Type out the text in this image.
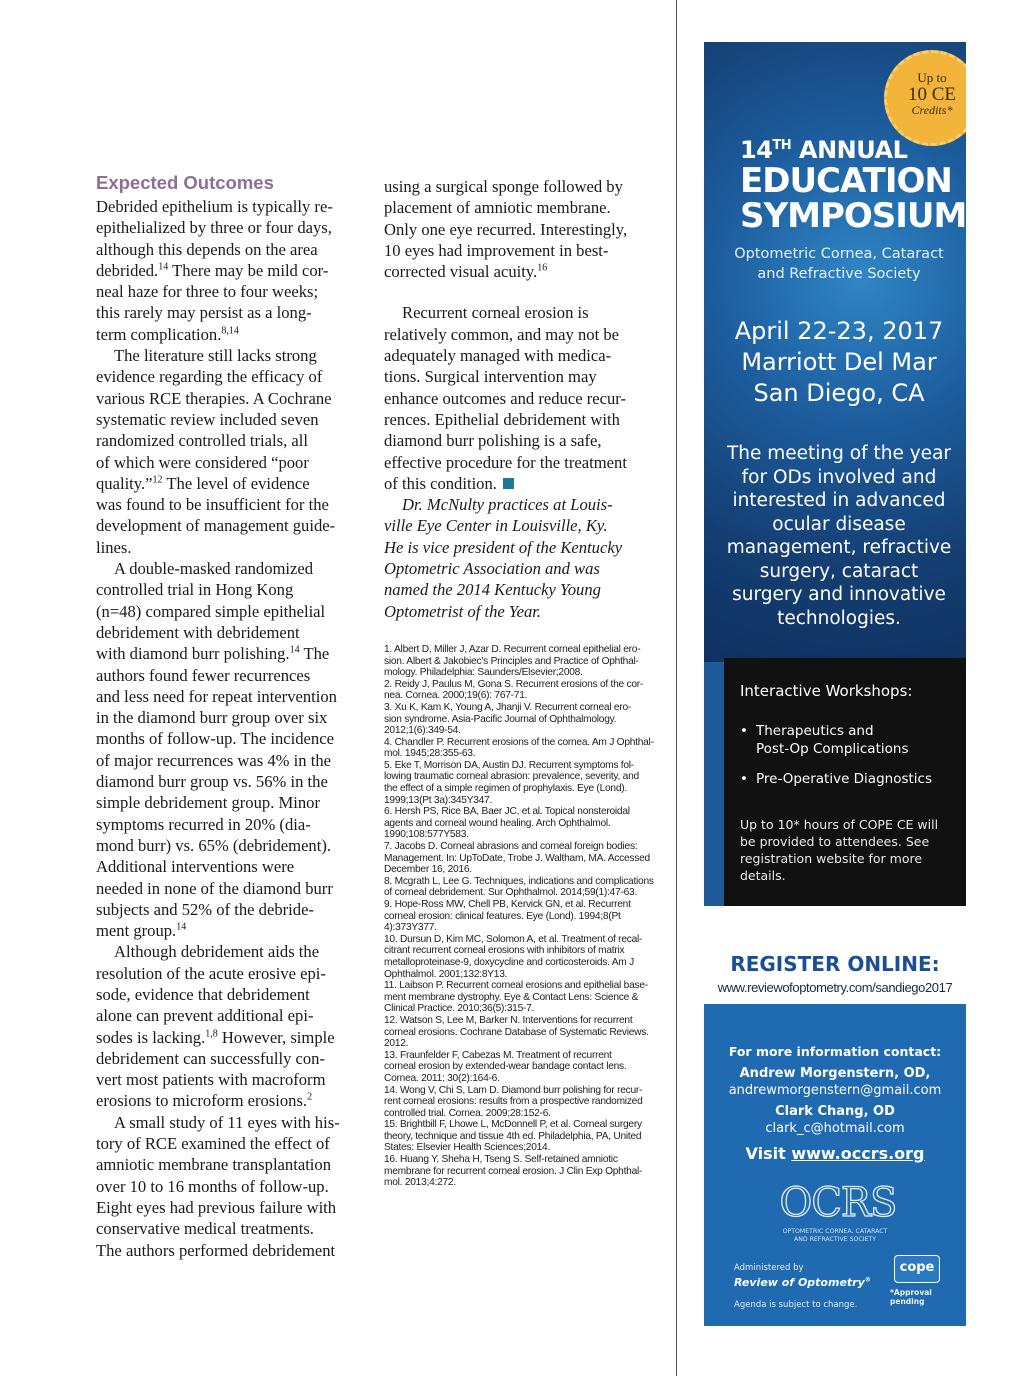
Expected Outcomes

Debrided epithelium is typically re-
epithelialized by three or four days,
although this depends on the area
debrided.$^{14}$ There may be mild cor-
neal haze for three to four weeks;
this rarely may persist as a long-
term complication.$^{8,14}$

The literature still lacks strong
evidence regarding the efficacy of
various RCE therapies. A Cochrane
systematic review included seven
randomized controlled trials, all
of which were considered “poor
quality.”$^{12}$ The level of evidence
was found to be insufficient for the
development of management guide-
lines.

A double-masked randomized
controlled trial in Hong Kong
(n=48) compared simple epithelial
debridement with debridement
with diamond burr polishing.$^{14}$ The
authors found fewer recurrences
and less need for repeat intervention
in the diamond burr group over six
months of follow-up. The incidence
of major recurrences was 4% in the
diamond burr group vs. 56% in the
simple debridement group. Minor
symptoms recurred in 20% (dia-
mond burr) vs. 65% (debridement).
Additional interventions were
needed in none of the diamond burr
subjects and 52% of the debride-
ment group.$^{14}$

Although debridement aids the
resolution of the acute erosive epi-
sode, evidence that debridement
alone can prevent additional epi-
sodes is lacking.$^{1,8}$ However, simple
debridement can successfully con-
vert most patients with macroform
erosions to microform erosions.$^2$

A small study of 11 eyes with his-
tory of RCE examined the effect of
amniotic membrane transplantation
over 10 to 16 months of follow-up.
Eight eyes had previous failure with
conservative medical treatments.
The authors performed debridement

using a surgical sponge followed by
placement of amniotic membrane.
Only one eye recurred. Interestingly,
10 eyes had improvement in best-
corrected visual acuity.$^{16}$

Recurrent corneal erosion is
relatively common, and may not be
adequately managed with medica-
tions. Surgical intervention may
enhance outcomes and reduce recur-
rences. Epithelial debridement with
diamond burr polishing is a safe,
effective procedure for the treatment
of this condition.

Dr. McNulty practices at Louis-
ville Eye Center in Louisville, Ky.
He is vice president of the Kentucky
Optometric Association and was
named the 2014 Kentucky Young
Optometrist of the Year.

1. Albert D, Miller J, Azar D. Recurrent corneal epithelial ero-
sion. Albert & Jakobiec’s Principles and Practice of Ophthal-
mology. Philadelphia: Saunders/Elsevier;2008.
2. Reidy J, Paulus M, Gona S. Recurrent erosions of the cor-
nea. Cornea. 2000;19(6): 767-71.
3. Xu K, Kam K, Young A, Jhanji V. Recurrent corneal ero-
sion syndrome. Asia-Pacific Journal of Ophthalmology.
2012;1(6):349-54.
4. Chandler P. Recurrent erosions of the cornea. Am J Ophthal-
mol. 1945;28:355-63.
5. Eke T, Morrison DA, Austin DJ. Recurrent symptoms fol-
lowing traumatic corneal abrasion: prevalence, severity, and
the effect of a simple regimen of prophylaxis. Eye (Lond).
1999;13(Pt 3a):345Y347.
6. Hersh PS, Rice BA, Baer JC, et al. Topical nonsteroidal
agents and corneal wound healing. Arch Ophthalmol.
1990;108:577Y583.
7. Jacobs D. Corneal abrasions and corneal foreign bodies:
Management. In: UpToDate, Trobe J. Waltham, MA. Accessed
December 16, 2016.
8. Mcgrath L, Lee G. Techniques, indications and complications
of corneal debridement. Sur Ophthalmol. 2014;59(1):47-63.
9. Hope-Ross MW, Chell PB, Kervick GN, et al. Recurrent
corneal erosion: clinical features. Eye (Lond). 1994;8(Pt
4):373Y377.
10. Dursun D, Kim MC, Solomon A, et al. Treatment of recal-
citrant recurrent corneal erosions with inhibitors of matrix
metalloproteinase-9, doxycycline and corticosteroids. Am J
Ophthalmol. 2001;132:8Y13.
11. Laibson P. Recurrent corneal erosions and epithelial base-
ment membrane dystrophy. Eye & Contact Lens: Science &
Clinical Practice. 2010;36(5):315-7.
12. Watson S, Lee M, Barker N. Interventions for recurrent
corneal erosions. Cochrane Database of Systematic Reviews.
2012.
13. Fraunfelder F, Cabezas M. Treatment of recurrent
corneal erosion by extended-wear bandage contact lens.
Cornea. 2011; 30(2):164-6.
14. Wong V, Chi S, Lam D. Diamond burr polishing for recur-
rent corneal erosions: results from a prospective randomized
controlled trial. Cornea. 2009;28:152-6.
15. Brightbill F, Lhowe L, McDonnell P, et al. Corneal surgery
theory, technique and tissue 4th ed. Philadelphia, PA, United
States: Elsevier Health Sciences;2014.
16. Huang Y, Sheha H, Tseng S. Self-retained amniotic
membrane for recurrent corneal erosion. J Clin Exp Ophthal-
mol. 2013;4:272.
Up to
10 CE
Credits*
14TH ANNUAL
EDUCATION
SYMPOSIUM
Optometric Cornea, Cataract
and Refractive Society
April 22-23, 2017
Marriott Del Mar
San Diego, CA
The meeting of the year
for ODs involved and
interested in advanced
ocular disease
management, refractive
surgery, cataract
surgery and innovative
technologies.
Interactive Workshops:
• Therapeutics and
Post-Op Complications
• Pre-Operative Diagnostics
Up to 10* hours of COPE CE will be provided to attendees. See registration website for more details.
REGISTER ONLINE:
www.reviewofoptometry.com/sandiego2017
For more information contact:
Andrew Morgenstern, OD,
andrewmorgenstern@gmail.com
Clark Chang, OD
clark_c@hotmail.com
Visit www.occrs.org
OCRS
OPTOMETRIC CORNEA, CATARACT
AND REFRACTIVE SOCIETY
Administered by
Review of Optometry®
cope
*Approval pending
Agenda is subject to change.
